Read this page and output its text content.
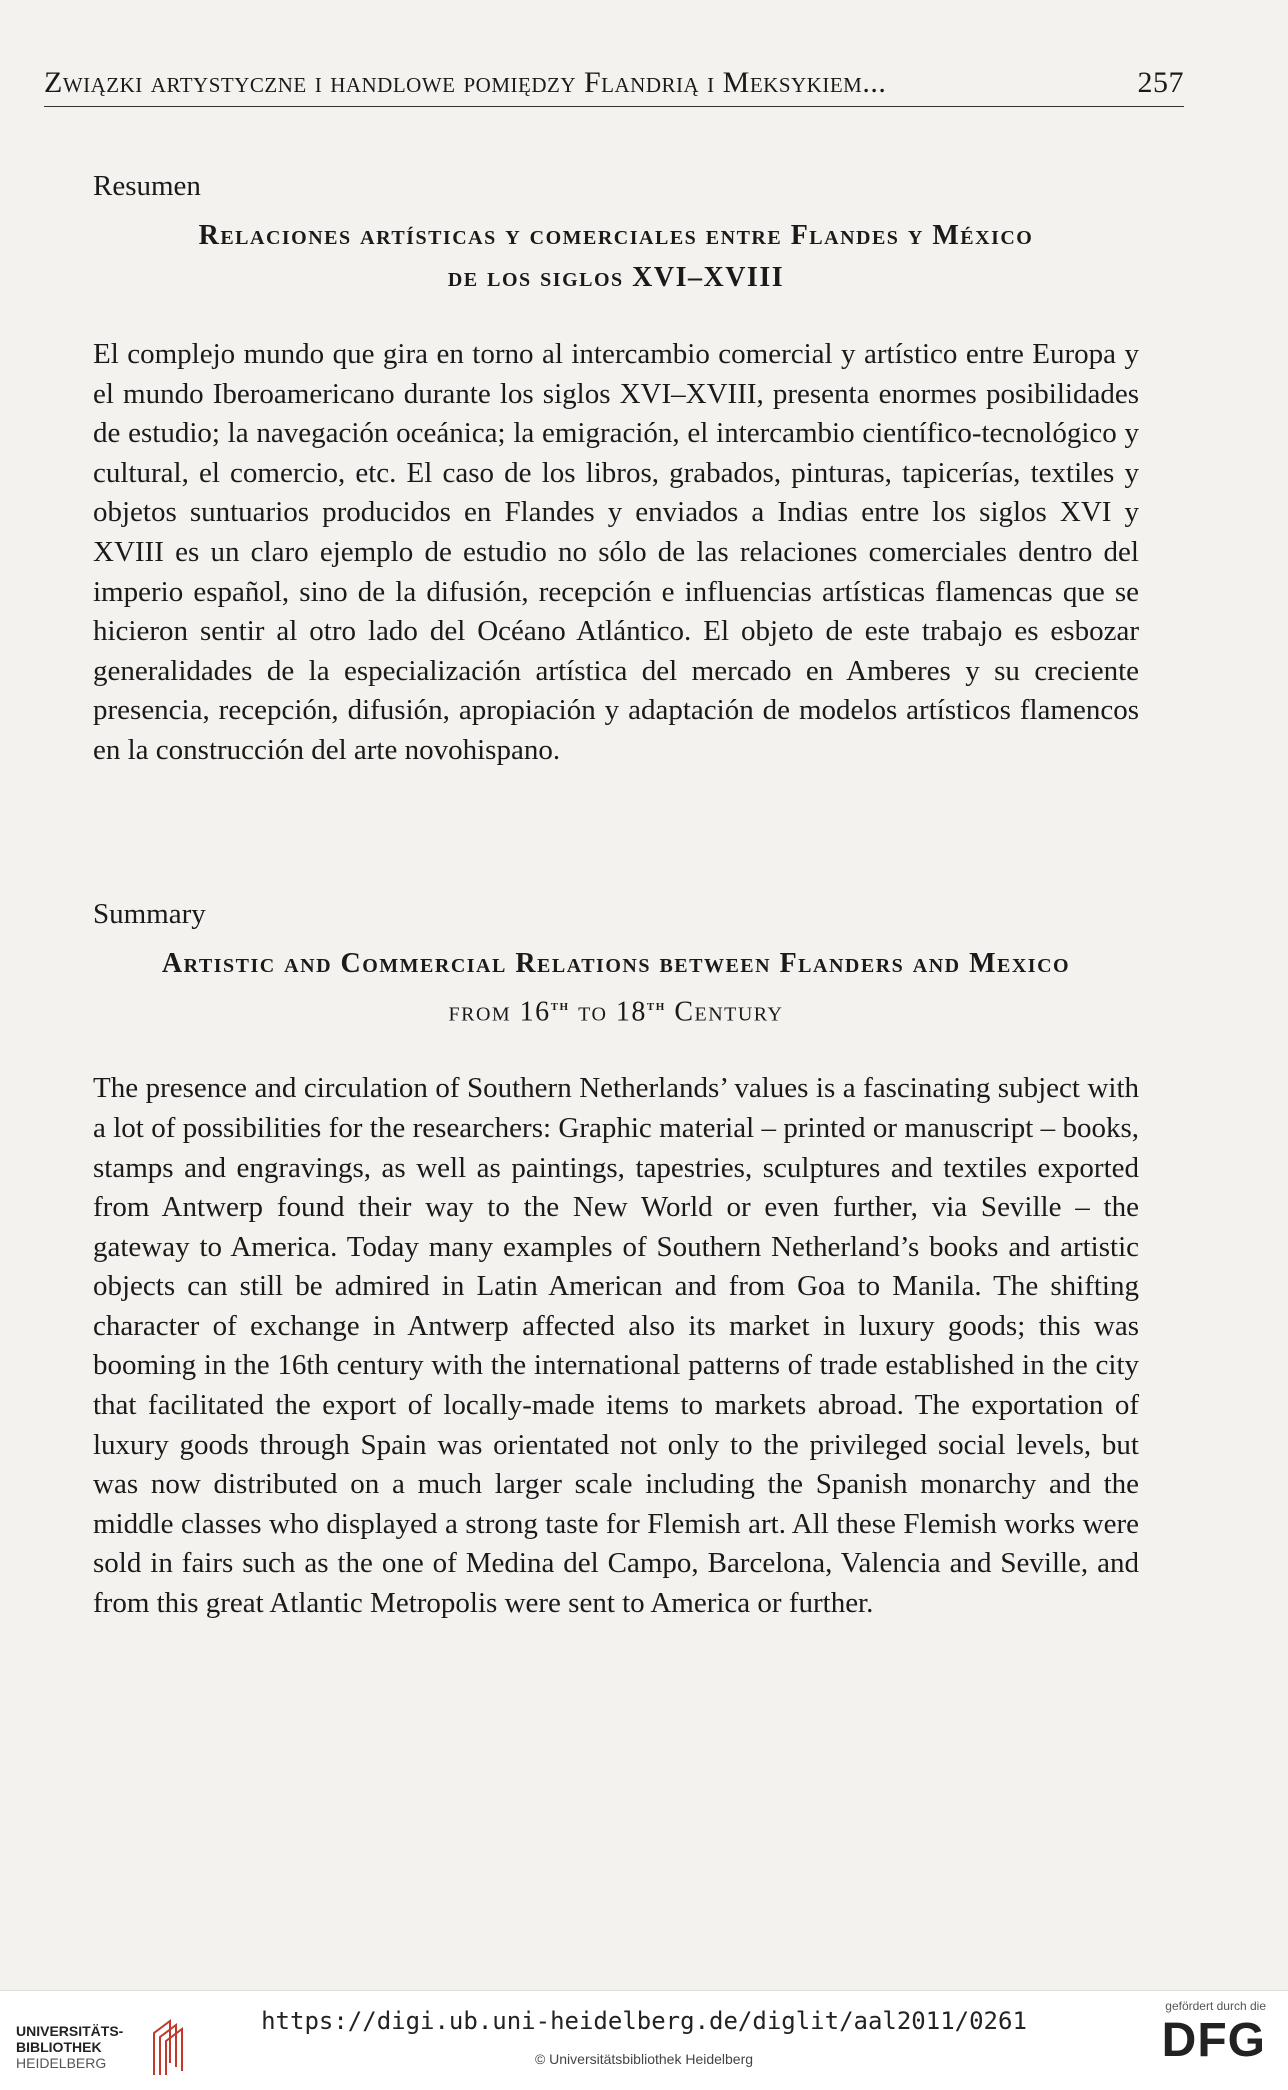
Związki artystyczne i handlowe pomiędzy Flandrią i Meksykiem...	257
Resumen
Relaciones artísticas y comerciales entre Flandes y México
de los siglos XVI–XVIII

El complejo mundo que gira en torno al intercambio comercial y artístico entre Europa y el mundo Iberoamericano durante los siglos XVI–XVIII, presenta enormes posibilidades de estudio; la navegación oceánica; la emigración, el intercambio científico-tecnológico y cultural, el comercio, etc. El caso de los libros, grabados, pinturas, tapicerías, textiles y objetos suntuarios producidos en Flandes y enviados a Indias entre los siglos XVI y XVIII es un claro ejemplo de estudio no sólo de las relaciones comerciales dentro del imperio español, sino de la difusión, recepción e influencias artísticas flamencas que se hicieron sentir al otro lado del Océano Atlántico. El objeto de este trabajo es esbozar generalidades de la especialización artística del mercado en Amberes y su creciente presencia, recepción, difusión, apropiación y adaptación de modelos artísticos flamencos en la construcción del arte novohispano.

Summary
Artistic and Commercial Relations between Flanders and Mexico
from 16th to 18th Century

The presence and circulation of Southern Netherlands’ values is a fascinating subject with a lot of possibilities for the researchers: Graphic material – printed or manuscript – books, stamps and engravings, as well as paintings, tapestries, sculptures and textiles exported from Antwerp found their way to the New World or even further, via Seville – the gateway to America. Today many examples of Southern Netherland’s books and artistic objects can still be admired in Latin American and from Goa to Manila. The shifting character of exchange in Antwerp affected also its market in luxury goods; this was booming in the 16th century with the international patterns of trade established in the city that facilitated the export of locally-made items to markets abroad. The exportation of luxury goods through Spain was orientated not only to the privileged social levels, but was now distributed on a much larger scale including the Spanish monarchy and the middle classes who displayed a strong taste for Flemish art. All these Flemish works were sold in fairs such as the one of Medina del Campo, Barcelona, Valencia and Seville, and from this great Atlantic Metropolis were sent to America or further.

UNIVERSITÄTS-
BIBLIOTHEK
HEIDELBERG
https://digi.ub.uni-heidelberg.de/diglit/aal2011/0261
© Universitätsbibliothek Heidelberg
gefördert durch die
DFG
